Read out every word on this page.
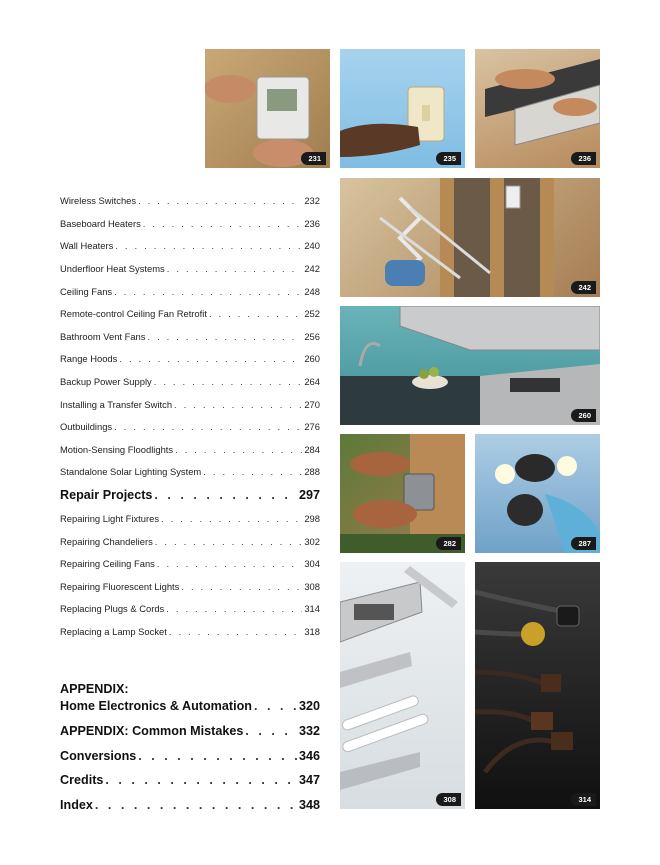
Wireless Switches . . .	232
Baseboard Heaters . . .	236
Wall Heaters . . .	240
Underfloor Heat Systems . . .	242
Ceiling Fans . . .	248
Remote-control Ceiling Fan Retrofit . . .	252
Bathroom Vent Fans . . .	256
Range Hoods . . .	260
Backup Power Supply . . .	264
Installing a Transfer Switch . . .	270
Outbuildings . . .	276
Motion-Sensing Floodlights . . .	284
Standalone Solar Lighting System . . .	288
Repair Projects . . .	297
Repairing Light Fixtures . . .	298
Repairing Chandeliers . . .	302
Repairing Ceiling Fans . . .	304
Repairing Fluorescent Lights . . .	308
Replacing Plugs & Cords . . .	314
Replacing a Lamp Socket . . .	318
APPENDIX:
Home Electronics & Automation . . .	320
APPENDIX: Common Mistakes . . .	332
Conversions . . .	346
Credits . . .	347
Index . . .	348
231	235	236
242
260
282	287
308	314
